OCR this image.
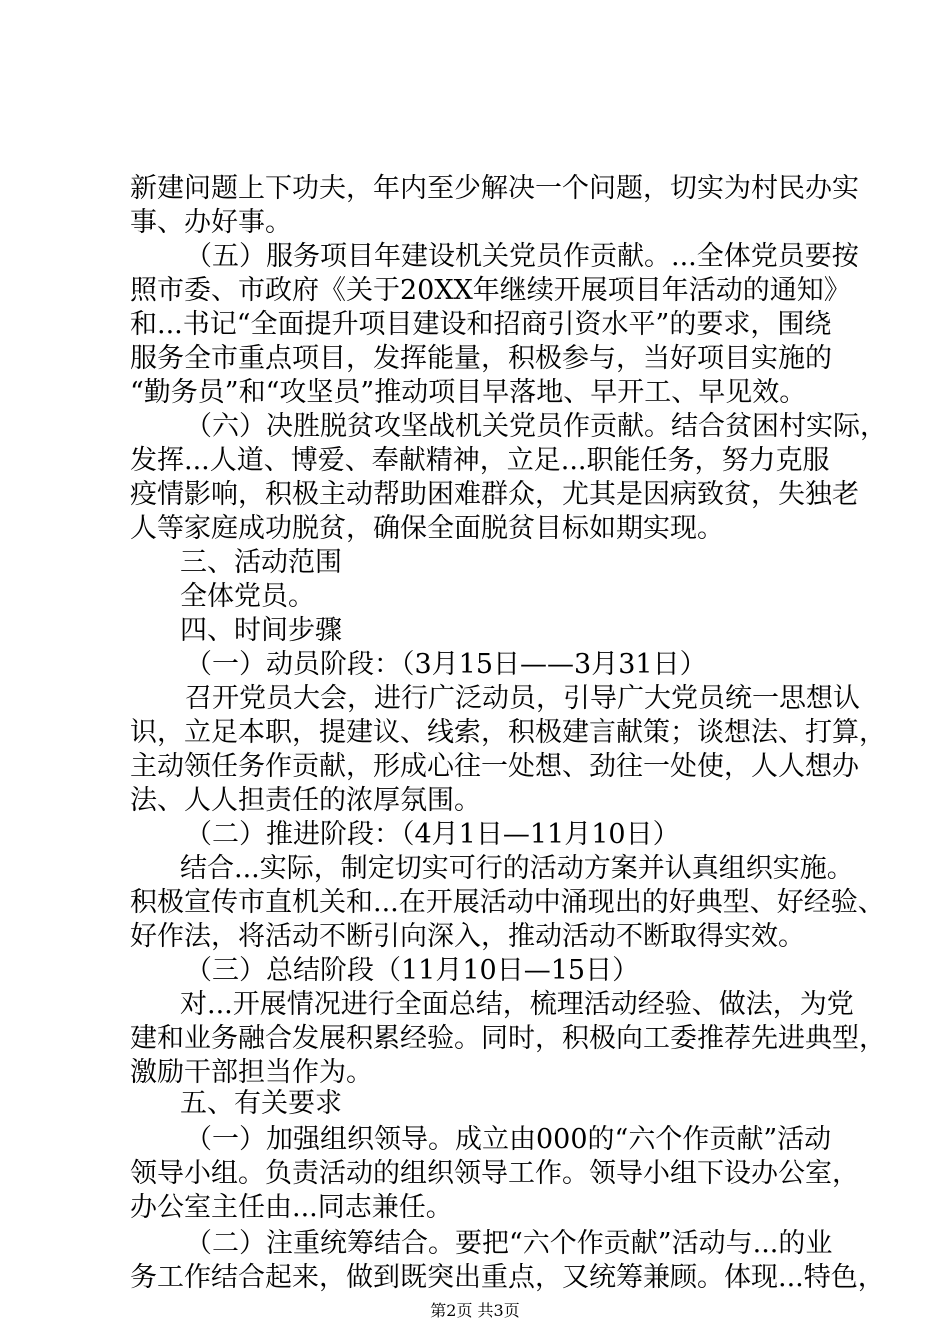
新建问题上下功夫，年内至少解决一个问题，切实为村民办实
事、办好事。
（五）服务项目年建设机关党员作贡献。...全体党员要按
照市委、市政府《关于20XX年继续开展项目年活动的通知》
和...书记“全面提升项目建设和招商引资水平”的要求，围绕
服务全市重点项目，发挥能量，积极参与，当好项目实施的
“勤务员”和“攻坚员”推动项目早落地、早开工、早见效。
（六）决胜脱贫攻坚战机关党员作贡献。结合贫困村实际，
发挥...人道、博爱、奉献精神，立足...职能任务，努力克服
疫情影响，积极主动帮助困难群众，尤其是因病致贫，失独老
人等家庭成功脱贫，确保全面脱贫目标如期实现。
三、活动范围
全体党员。
四、时间步骤
（一）动员阶段：（3月15日——3月31日）
召开党员大会，进行广泛动员，引导广大党员统一思想认
识，立足本职，提建议、线索，积极建言献策；谈想法、打算，
主动领任务作贡献，形成心往一处想、劲往一处使，人人想办
法、人人担责任的浓厚氛围。
（二）推进阶段：（4月1日—11月10日）
结合...实际，制定切实可行的活动方案并认真组织实施。
积极宣传市直机关和...在开展活动中涌现出的好典型、好经验、
好作法，将活动不断引向深入，推动活动不断取得实效。
（三）总结阶段（11月10日—15日）
对...开展情况进行全面总结，梳理活动经验、做法，为党
建和业务融合发展积累经验。同时，积极向工委推荐先进典型，
激励干部担当作为。
五、有关要求
（一）加强组织领导。成立由000的“六个作贡献”活动
领导小组。负责活动的组织领导工作。领导小组下设办公室，
办公室主任由...同志兼任。
（二）注重统筹结合。要把“六个作贡献”活动与...的业
务工作结合起来，做到既突出重点，又统筹兼顾。体现...特色，
第2页 共3页
